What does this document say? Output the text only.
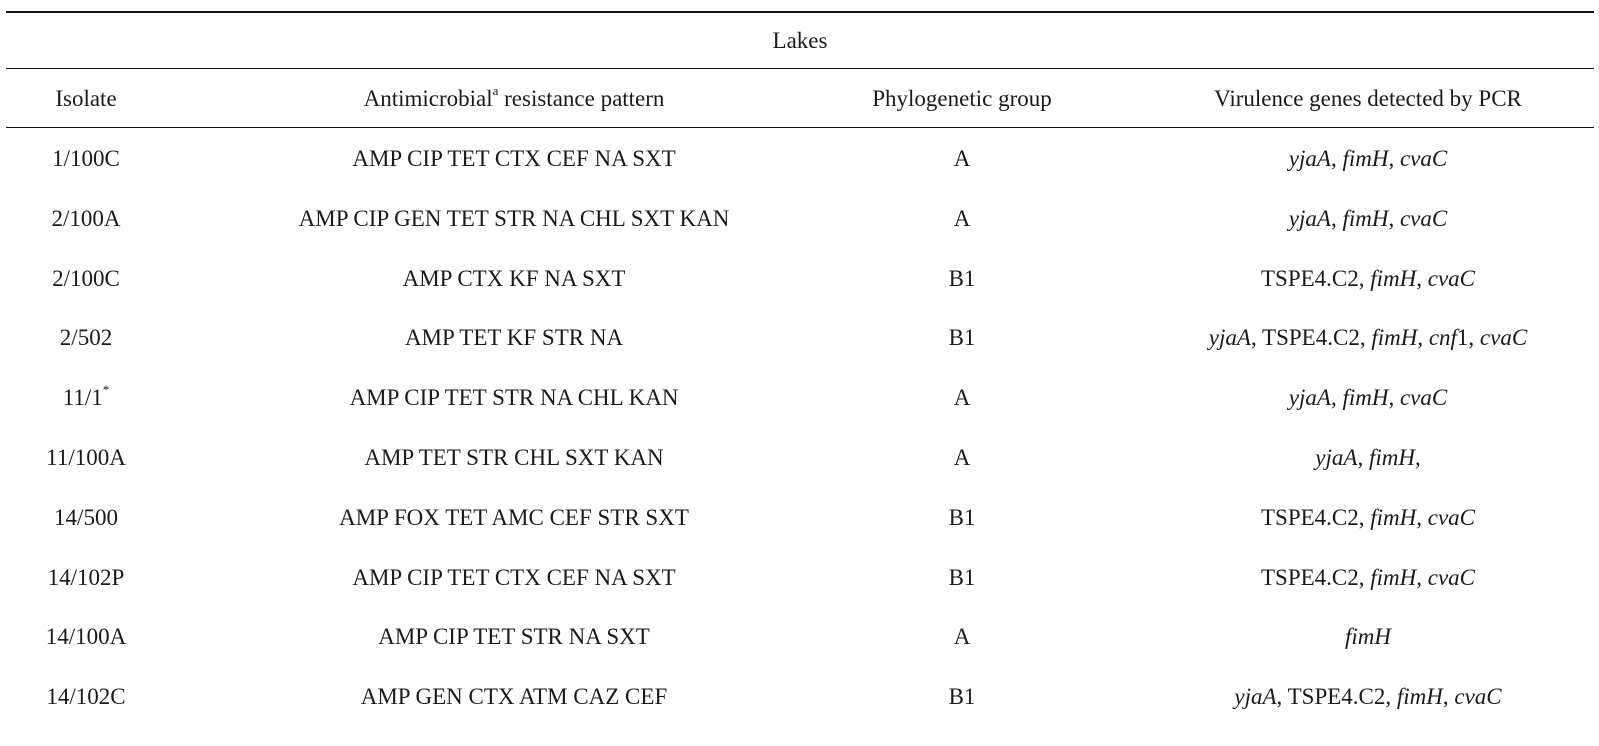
Lakes
Isolate	Antimicrobial$^a$ resistance pattern	Phylogenetic group	Virulence genes detected by PCR
1/100C	AMP CIP TET CTX CEF NA SXT	A	yjaA, fimH, cvaC
2/100A	AMP CIP GEN TET STR NA CHL SXT KAN	A	yjaA, fimH, cvaC
2/100C	AMP CTX KF NA SXT	B1	TSPE4.C2, fimH, cvaC
2/502	AMP TET KF STR NA	B1	yjaA, TSPE4.C2, fimH, cnf1, cvaC
11/1*	AMP CIP TET STR NA CHL KAN	A	yjaA, fimH, cvaC
11/100A	AMP TET STR CHL SXT KAN	A	yjaA, fimH,
14/500	AMP FOX TET AMC CEF STR SXT	B1	TSPE4.C2, fimH, cvaC
14/102P	AMP CIP TET CTX CEF NA SXT	B1	TSPE4.C2, fimH, cvaC
14/100A	AMP CIP TET STR NA SXT	A	fimH
14/102C	AMP GEN CTX ATM CAZ CEF	B1	yjaA, TSPE4.C2, fimH, cvaC
